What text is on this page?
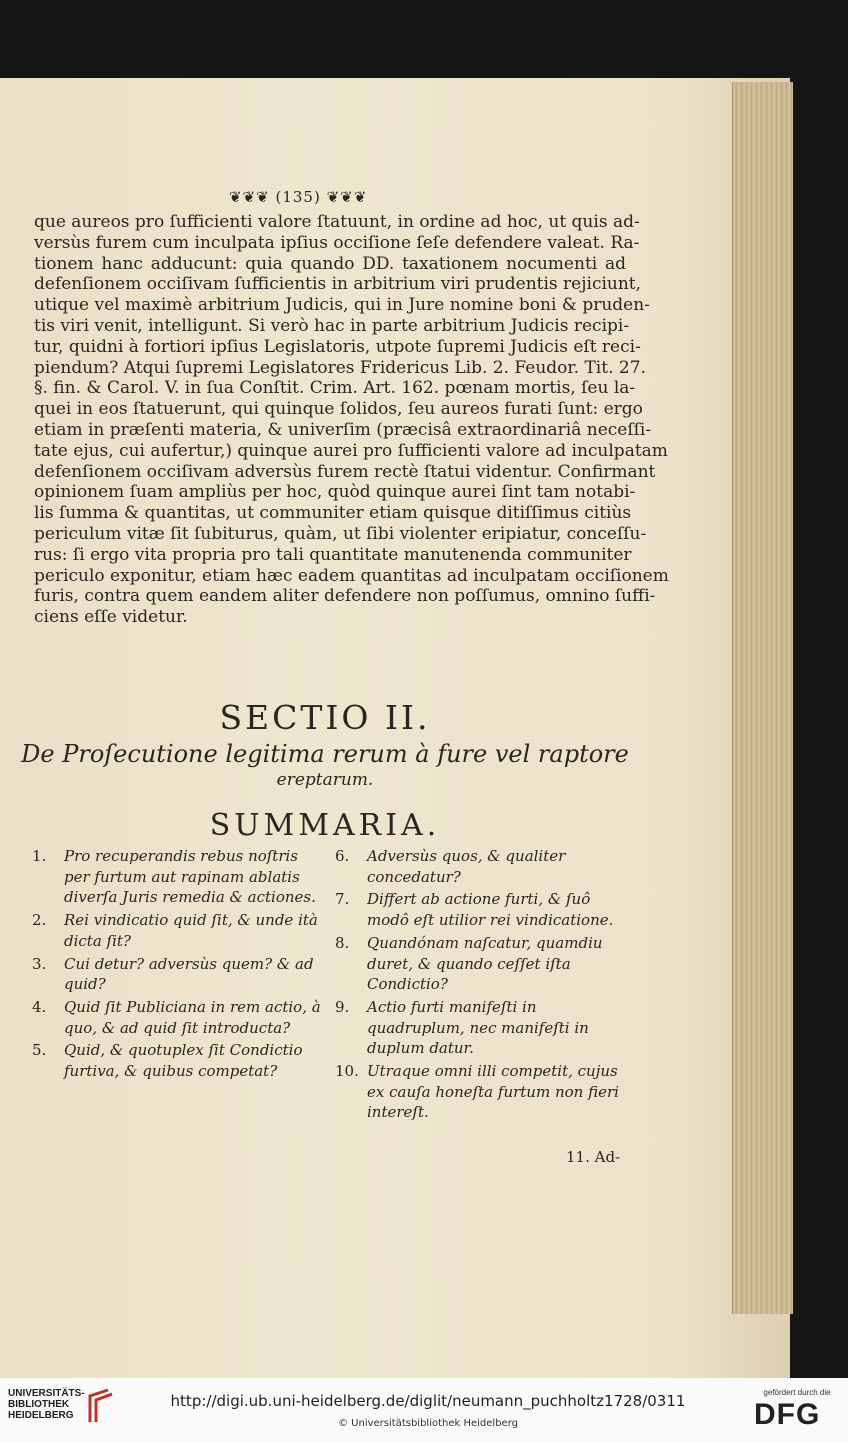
❦❦❦ (135) ❦❦❦
que aureos pro ſufficienti valore ſtatuunt, in ordine ad hoc, ut quis ad-
versùs furem cum inculpata ipſius occiſione ſeſe defendere valeat. Ra-
tionem hanc adducunt: quia quando DD. taxationem nocumenti ad
defenſionem occiſivam ſufficientis in arbitrium viri prudentis rejiciunt,
utique vel maximè arbitrium Judicis, qui in Jure nomine boni & pruden-
tis viri venit, intelligunt. Si verò hac in parte arbitrium Judicis recipi-
tur, quidni à fortiori ipſius Legislatoris, utpote ſupremi Judicis eſt reci-
piendum? Atqui ſupremi Legislatores Fridericus Lib. 2. Feudor. Tit. 27.
§. fin. & Carol. V. in ſua Conſtit. Crim. Art. 162. pœnam mortis, ſeu la-
quei in eos ſtatuerunt, qui quinque ſolidos, ſeu aureos furati ſunt: ergo
etiam in præſenti materia, & univerſim (præcisâ extraordinariâ neceſſi-
tate ejus, cui aufertur,) quinque aurei pro ſufficienti valore ad inculpatam
defenſionem occiſivam adversùs furem rectè ſtatui videntur. Confirmant
opinionem ſuam ampliùs per hoc, quòd quinque aurei ſint tam notabi-
lis ſumma & quantitas, ut communiter etiam quisque ditiſſimus citiùs
periculum vitæ ſit ſubiturus, quàm, ut ſibi violenter eripiatur, conceſſu-
rus: ſi ergo vita propria pro tali quantitate manutenenda communiter
periculo exponitur, etiam hæc eadem quantitas ad inculpatam occiſionem
furis, contra quem eandem aliter defendere non poſſumus, omnino ſuffi-
ciens eſſe videtur.
SECTIO II.
De Proſecutione legitima rerum à fure vel raptore
ereptarum.
SUMMARIA.
1. Pro recuperandis rebus noſtris per furtum aut rapinam ablatis diverſa Juris remedia & actiones.
2. Rei vindicatio quid ſit, & unde ità dicta ſit?
3. Cui detur? adversùs quem? & ad quid?
4. Quid ſit Publiciana in rem actio, à quo, & ad quid ſit introducta?
5. Quid, & quotuplex ſit Condictio furtiva, & quibus competat?
6. Adversùs quos, & qualiter concedatur?
7. Differt ab actione furti, & ſuô modô eſt utilior rei vindicatione.
8. Quandónam naſcatur, quamdiu duret, & quando ceſſet iſta Condictio?
9. Actio furti manifeſti in quadruplum, nec manifeſti in duplum datur.
10. Utraque omni illi competit, cujus ex cauſa honeſta furtum non fieri intereſt.
11. Ad-
UNIVERSITÄTS-
BIBLIOTHEK
HEIDELBERG
http://digi.ub.uni-heidelberg.de/diglit/neumann_puchholtz1728/0311
© Universitätsbibliothek Heidelberg
gefördert durch die
DFG
